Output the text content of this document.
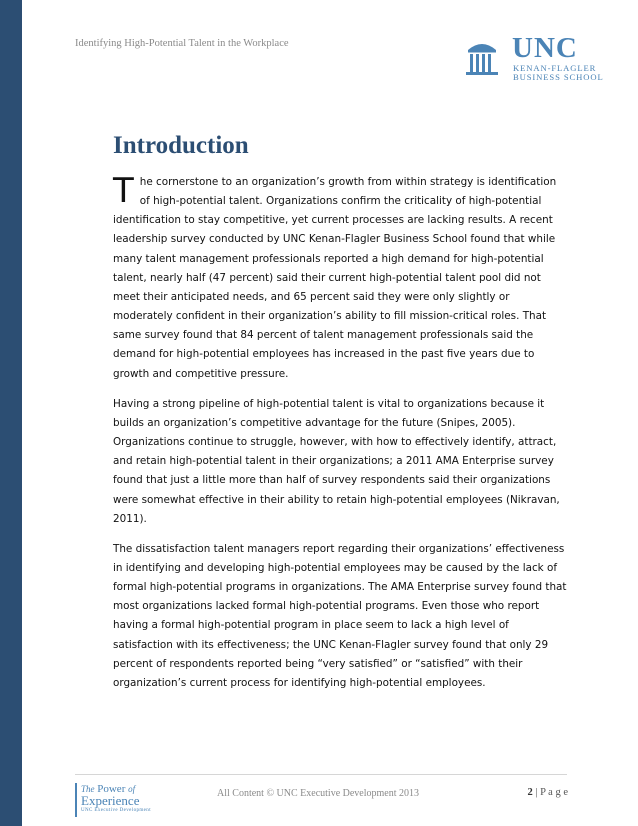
Identifying High-Potential Talent in the Workplace	UNC
KENAN-FLAGLER
BUSINESS SCHOOL
Introduction

T he cornerstone to an organization’s growth from within strategy is identification of high-potential talent. Organizations confirm the criticality of high-potential identification to stay competitive, yet current processes are lacking results. A recent leadership survey conducted by UNC Kenan-Flagler Business School found that while many talent management professionals reported a high demand for high-potential talent, nearly half (47 percent) said their current high-potential talent pool did not meet their anticipated needs, and 65 percent said they were only slightly or moderately confident in their organization’s ability to fill mission-critical roles. That same survey found that 84 percent of talent management professionals said the demand for high-potential employees has increased in the past five years due to growth and competitive pressure.

Having a strong pipeline of high-potential talent is vital to organizations because it builds an organization’s competitive advantage for the future (Snipes, 2005). Organizations continue to struggle, however, with how to effectively identify, attract, and retain high-potential talent in their organizations; a 2011 AMA Enterprise survey found that just a little more than half of survey respondents said their organizations were somewhat effective in their ability to retain high-potential employees (Nikravan, 2011).

The dissatisfaction talent managers report regarding their organizations’ effectiveness in identifying and developing high-potential employees may be caused by the lack of formal high-potential programs in organizations. The AMA Enterprise survey found that most organizations lacked formal high-potential programs. Even those who report having a formal high-potential program in place seem to lack a high level of satisfaction with its effectiveness; the UNC Kenan-Flagler survey found that only 29 percent of respondents reported being “very satisfied” or “satisfied” with their organization’s current process for identifying high-potential employees.

The Power of
Experience
UNC Executive Development
All Content © UNC Executive Development 2013	2 | P a g e
